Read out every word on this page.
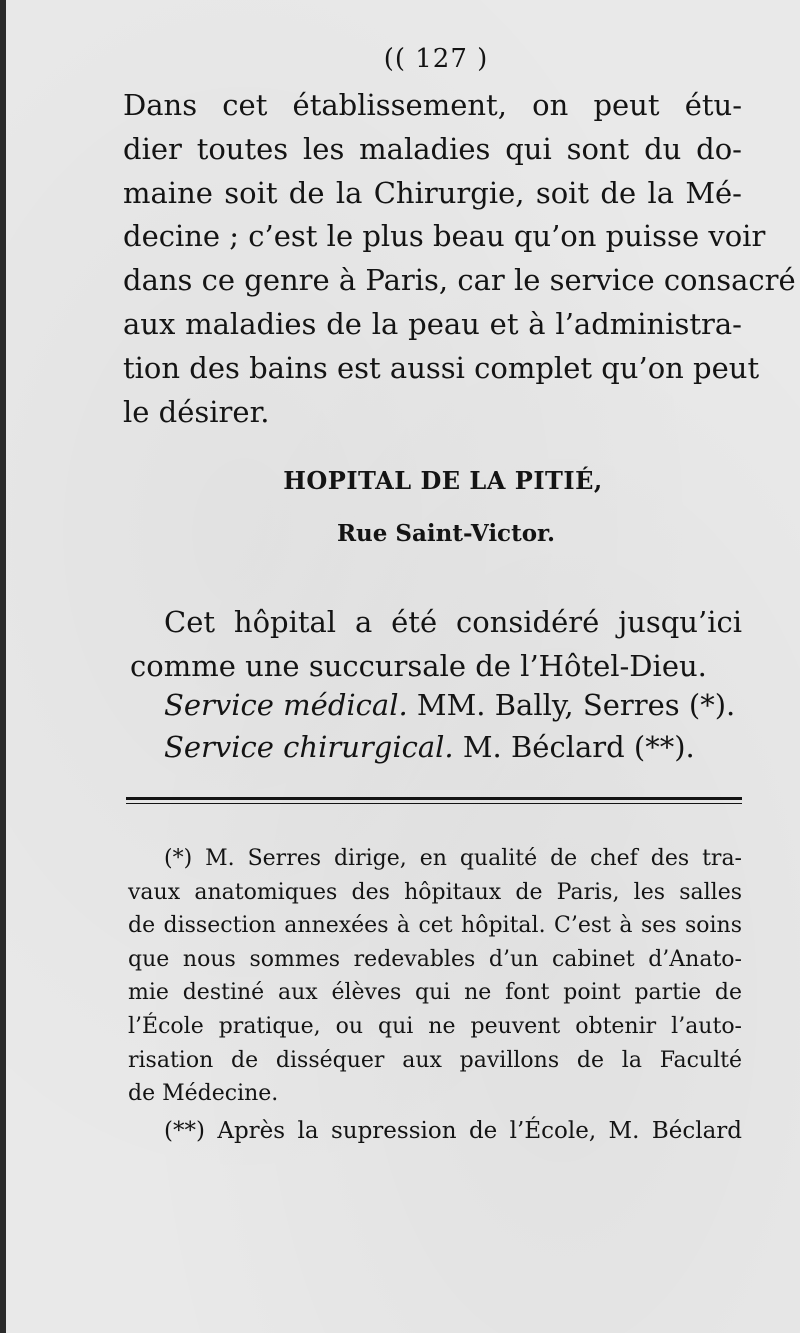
(( 127 )
Dans cet établissement, on peut étu-
dier toutes les maladies qui sont du do-
maine soit de la Chirurgie, soit de la Mé-
decine ; c’est le plus beau qu’on puisse voir
dans ce genre à Paris, car le service consacré
aux maladies de la peau et à l’administra-
tion des bains est aussi complet qu’on peut
le désirer.
HOPITAL DE LA PITIÉ,
Rue Saint-Victor.
Cet hôpital a été considéré jusqu’ici
comme une succursale de l’Hôtel-Dieu.
Service médical. MM. Bally, Serres (*).
Service chirurgical. M. Béclard (**).
(*) M. Serres dirige, en qualité de chef des tra-
vaux anatomiques des hôpitaux de Paris, les salles
de dissection annexées à cet hôpital. C’est à ses soins
que nous sommes redevables d’un cabinet d’Anato-
mie destiné aux élèves qui ne font point partie de
l’École pratique, ou qui ne peuvent obtenir l’auto-
risation de disséquer aux pavillons de la Faculté
de Médecine.
(**) Après la supression de l’École, M. Béclard
